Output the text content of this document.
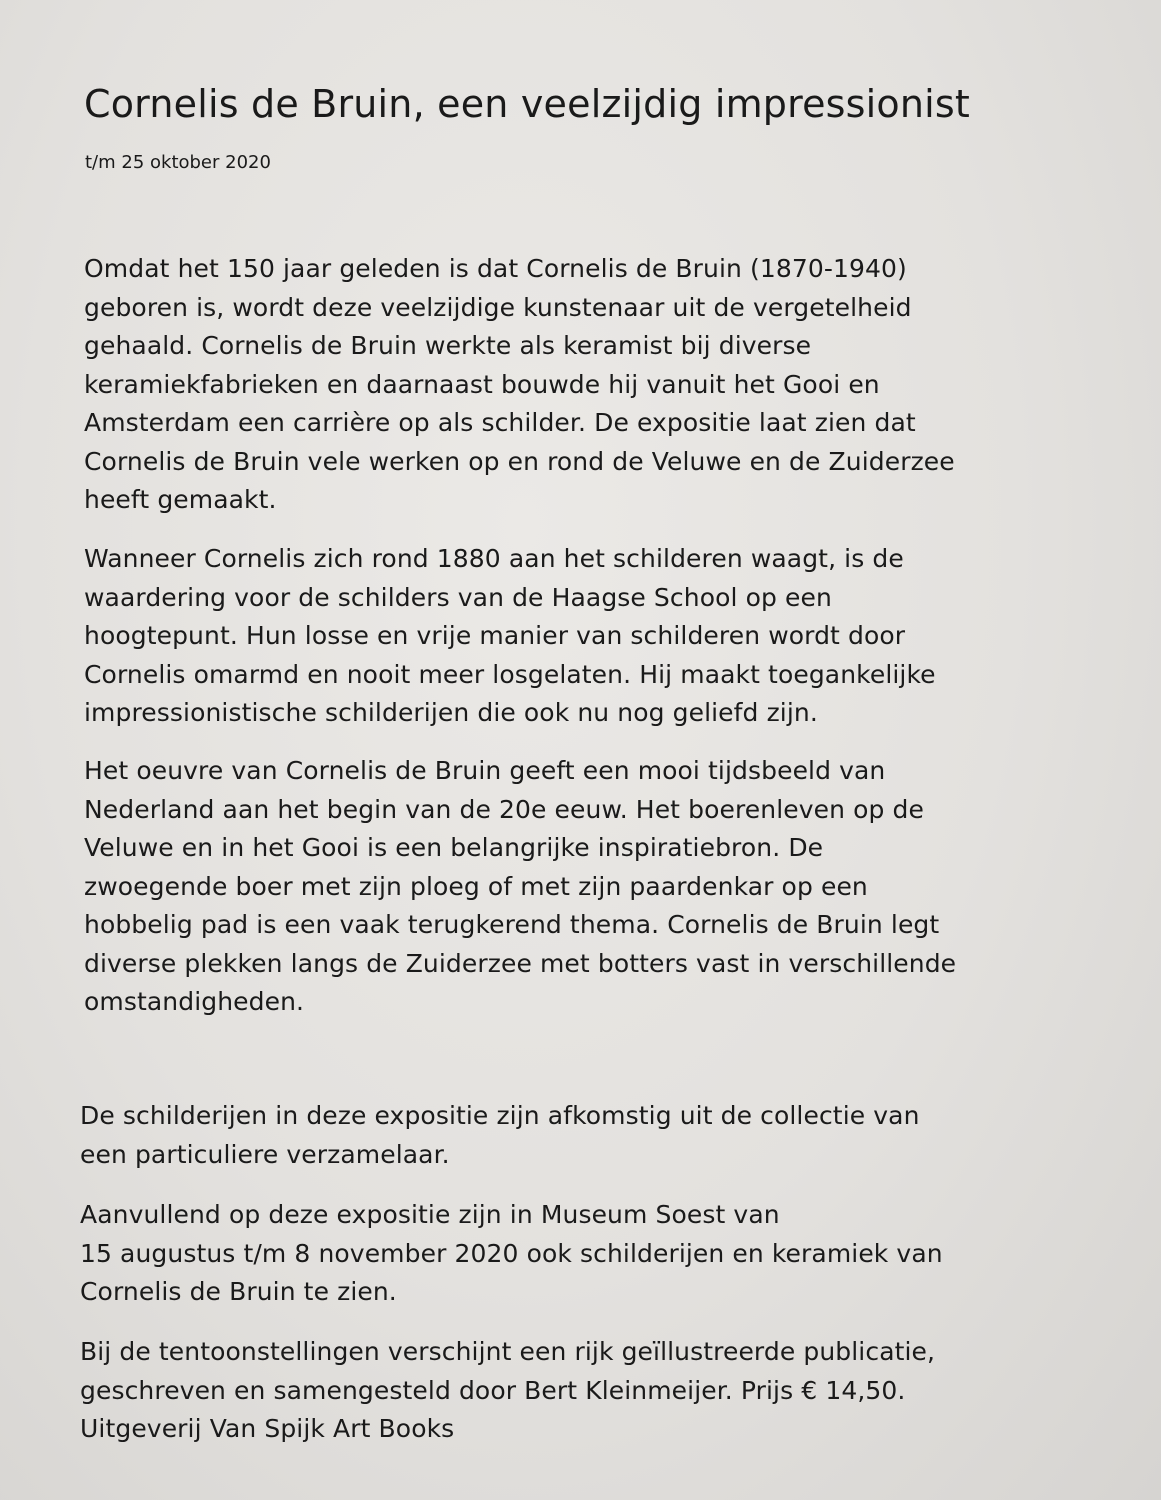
Cornelis de Bruin, een veelzijdig impressionist

t/m 25 oktober 2020

Omdat het 150 jaar geleden is dat Cornelis de Bruin (1870-1940)
geboren is, wordt deze veelzijdige kunstenaar uit de vergetelheid
gehaald. Cornelis de Bruin werkte als keramist bij diverse
keramiekfabrieken en daarnaast bouwde hij vanuit het Gooi en
Amsterdam een carrière op als schilder. De expositie laat zien dat
Cornelis de Bruin vele werken op en rond de Veluwe en de Zuiderzee
heeft gemaakt.
Wanneer Cornelis zich rond 1880 aan het schilderen waagt, is de
waardering voor de schilders van de Haagse School op een
hoogtepunt. Hun losse en vrije manier van schilderen wordt door
Cornelis omarmd en nooit meer losgelaten. Hij maakt toegankelijke
impressionistische schilderijen die ook nu nog geliefd zijn.
Het oeuvre van Cornelis de Bruin geeft een mooi tijdsbeeld van
Nederland aan het begin van de 20e eeuw. Het boerenleven op de
Veluwe en in het Gooi is een belangrijke inspiratiebron. De
zwoegende boer met zijn ploeg of met zijn paardenkar op een
hobbelig pad is een vaak terugkerend thema. Cornelis de Bruin legt
diverse plekken langs de Zuiderzee met botters vast in verschillende
omstandigheden.
De schilderijen in deze expositie zijn afkomstig uit de collectie van
een particuliere verzamelaar.
Aanvullend op deze expositie zijn in Museum Soest van
15 augustus t/m 8 november 2020 ook schilderijen en keramiek van
Cornelis de Bruin te zien.
Bij de tentoonstellingen verschijnt een rijk geïllustreerde publicatie,
geschreven en samengesteld door Bert Kleinmeijer. Prijs € 14,50.
Uitgeverij Van Spijk Art Books
